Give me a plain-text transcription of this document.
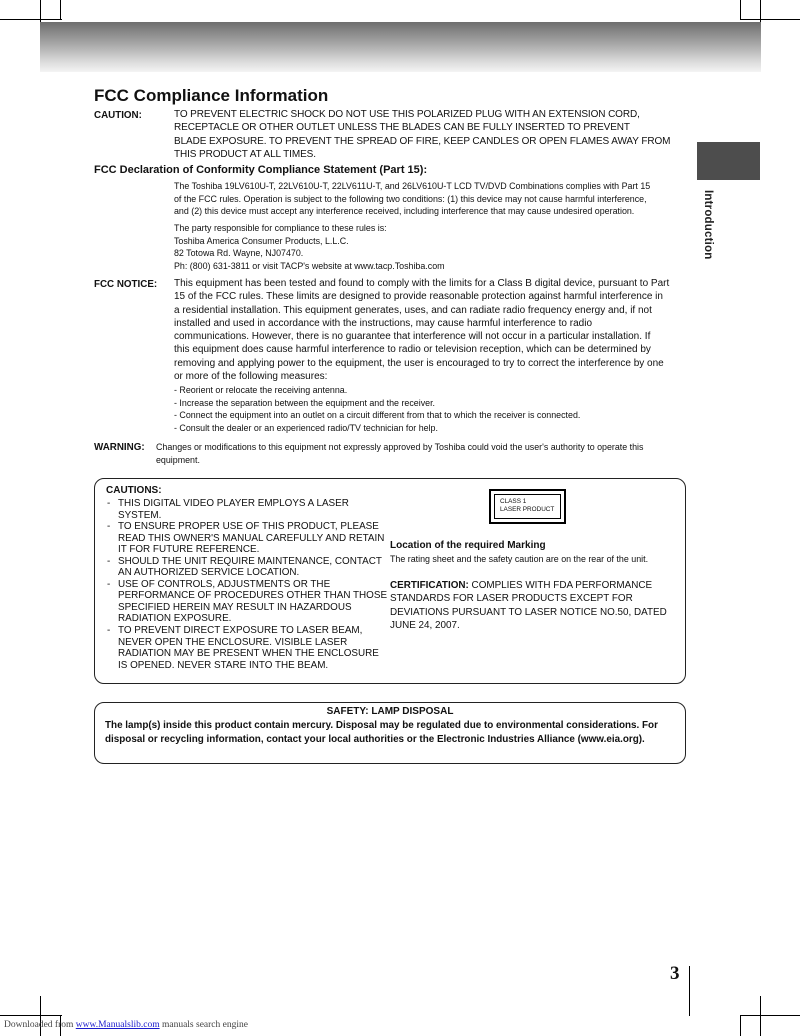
Introduction
FCC Compliance Information
CAUTION:	TO PREVENT ELECTRIC SHOCK DO NOT USE THIS POLARIZED PLUG WITH AN EXTENSION CORD,
RECEPTACLE OR OTHER OUTLET UNLESS THE BLADES CAN BE FULLY INSERTED TO PREVENT
BLADE EXPOSURE. TO PREVENT THE SPREAD OF FIRE, KEEP CANDLES OR OPEN FLAMES AWAY FROM
THIS PRODUCT AT ALL TIMES.
FCC Declaration of Conformity Compliance Statement (Part 15):
The Toshiba 19LV610U-T, 22LV610U-T, 22LV611U-T, and 26LV610U-T LCD TV/DVD Combinations complies with Part 15
of the FCC rules. Operation is subject to the following two conditions: (1) this device may not cause harmful interference,
and (2) this device must accept any interference received, including interference that may cause undesired operation.
The party responsible for compliance to these rules is:
Toshiba America Consumer Products, L.L.C.
82 Totowa Rd. Wayne, NJ07470.
Ph: (800) 631-3811 or visit TACP's website at www.tacp.Toshiba.com
FCC NOTICE: This equipment has been tested and found to comply with the limits for a Class B digital device, pursuant to Part
15 of the FCC rules. These limits are designed to provide reasonable protection against harmful interference in
a residential installation. This equipment generates, uses, and can radiate radio frequency energy and, if not
installed and used in accordance with the instructions, may cause harmful interference to radio
communications. However, there is no guarantee that interference will not occur in a particular installation. If
this equipment does cause harmful interference to radio or television reception, which can be determined by
removing and applying power to the equipment, the user is encouraged to try to correct the interference by one
or more of the following measures:
- Reorient or relocate the receiving antenna.
- Increase the separation between the equipment and the receiver.
- Connect the equipment into an outlet on a circuit different from that to which the receiver is connected.
- Consult the dealer or an experienced radio/TV technician for help.
WARNING: Changes or modifications to this equipment not expressly approved by Toshiba could void the user's authority to operate this
equipment.
CAUTIONS:
- THIS DIGITAL VIDEO PLAYER EMPLOYS A LASER SYSTEM.
- TO ENSURE PROPER USE OF THIS PRODUCT, PLEASE READ THIS OWNER'S MANUAL CAREFULLY AND RETAIN IT FOR FUTURE REFERENCE.
- SHOULD THE UNIT REQUIRE MAINTENANCE, CONTACT AN AUTHORIZED SERVICE LOCATION.
- USE OF CONTROLS, ADJUSTMENTS OR THE PERFORMANCE OF PROCEDURES OTHER THAN THOSE SPECIFIED HEREIN MAY RESULT IN HAZARDOUS RADIATION EXPOSURE.
- TO PREVENT DIRECT EXPOSURE TO LASER BEAM, NEVER OPEN THE ENCLOSURE. VISIBLE LASER RADIATION MAY BE PRESENT WHEN THE ENCLOSURE IS OPENED. NEVER STARE INTO THE BEAM.
CLASS 1
LASER PRODUCT
Location of the required Marking
The rating sheet and the safety caution are on the rear of the unit.
CERTIFICATION: COMPLIES WITH FDA PERFORMANCE STANDARDS FOR LASER PRODUCTS EXCEPT FOR DEVIATIONS PURSUANT TO LASER NOTICE NO.50, DATED JUNE 24, 2007.
SAFETY: LAMP DISPOSAL
The lamp(s) inside this product contain mercury. Disposal may be regulated due to environmental considerations. For disposal or recycling information, contact your local authorities or the Electronic Industries Alliance (www.eia.org).
3
Downloaded from www.Manualslib.com manuals search engine
